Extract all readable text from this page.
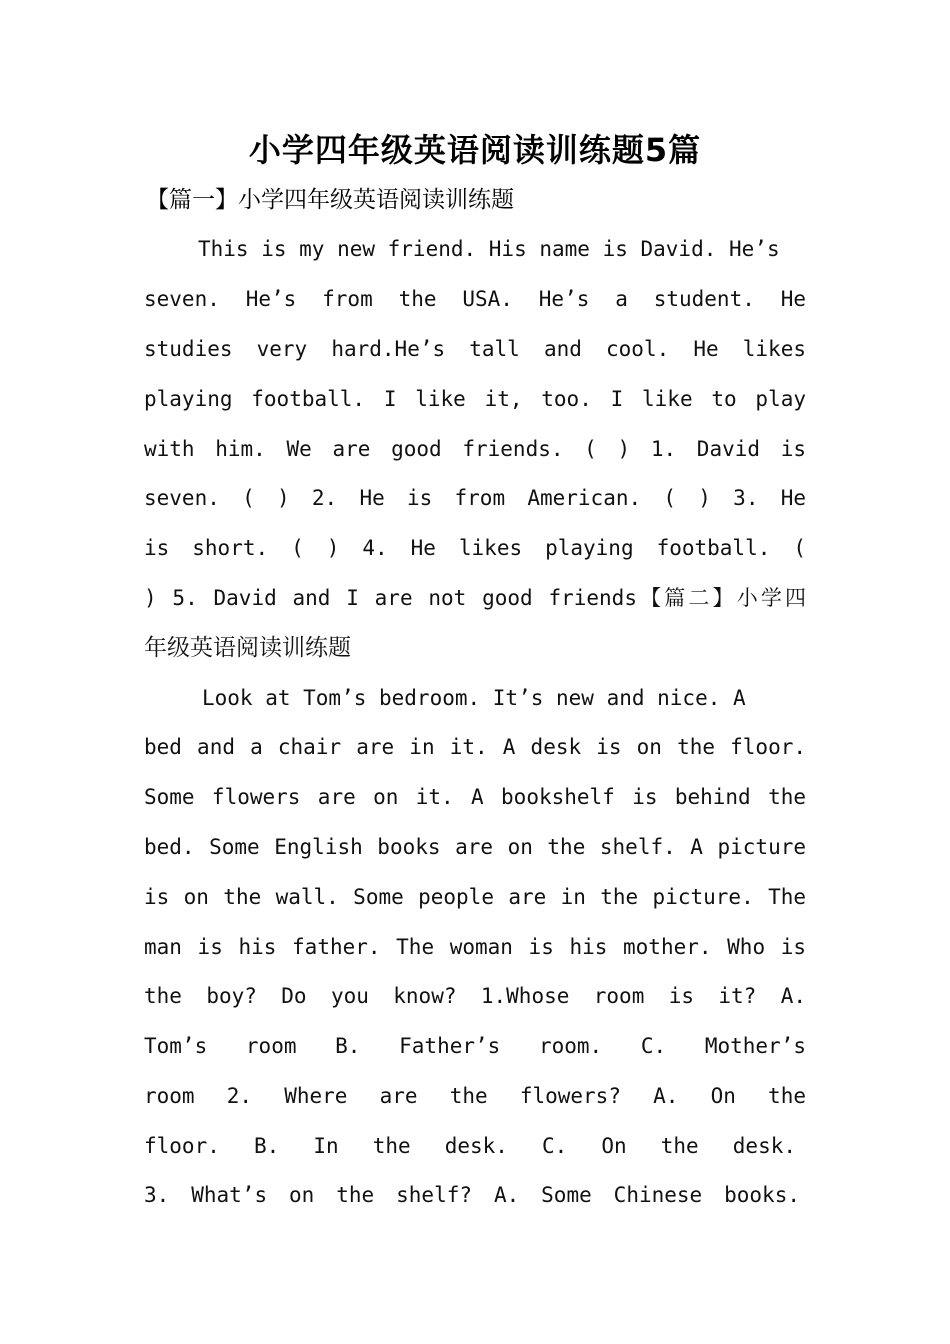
小学四年级英语阅读训练题5篇
【篇一】小学四年级英语阅读训练题
This is my new friend. His name is David. He’s
seven. He’s from the USA. He’s a student. He
studies very hard.He’s tall and cool. He likes
playing football. I like it, too. I like to play
with him. We are good friends. ( ) 1. David is
seven. ( ) 2. He is from American. ( ) 3. He
is short. ( ) 4. He likes playing football. (
) 5. David and I are not good friends【篇二】小学四
年级英语阅读训练题
Look at Tom’s bedroom. It’s new and nice. A
bed and a chair are in it. A desk is on the floor.
Some flowers are on it. A bookshelf is behind the
bed. Some English books are on the shelf. A picture
is on the wall. Some people are in the picture. The
man is his father. The woman is his mother. Who is
the boy? Do you know? 1.Whose room is it? A.
Tom’s room B. Father’s room. C. Mother’s
room 2. Where are the flowers? A. On the
floor. B. In the desk. C. On the desk.
3. What’s on the shelf? A. Some Chinese books.
